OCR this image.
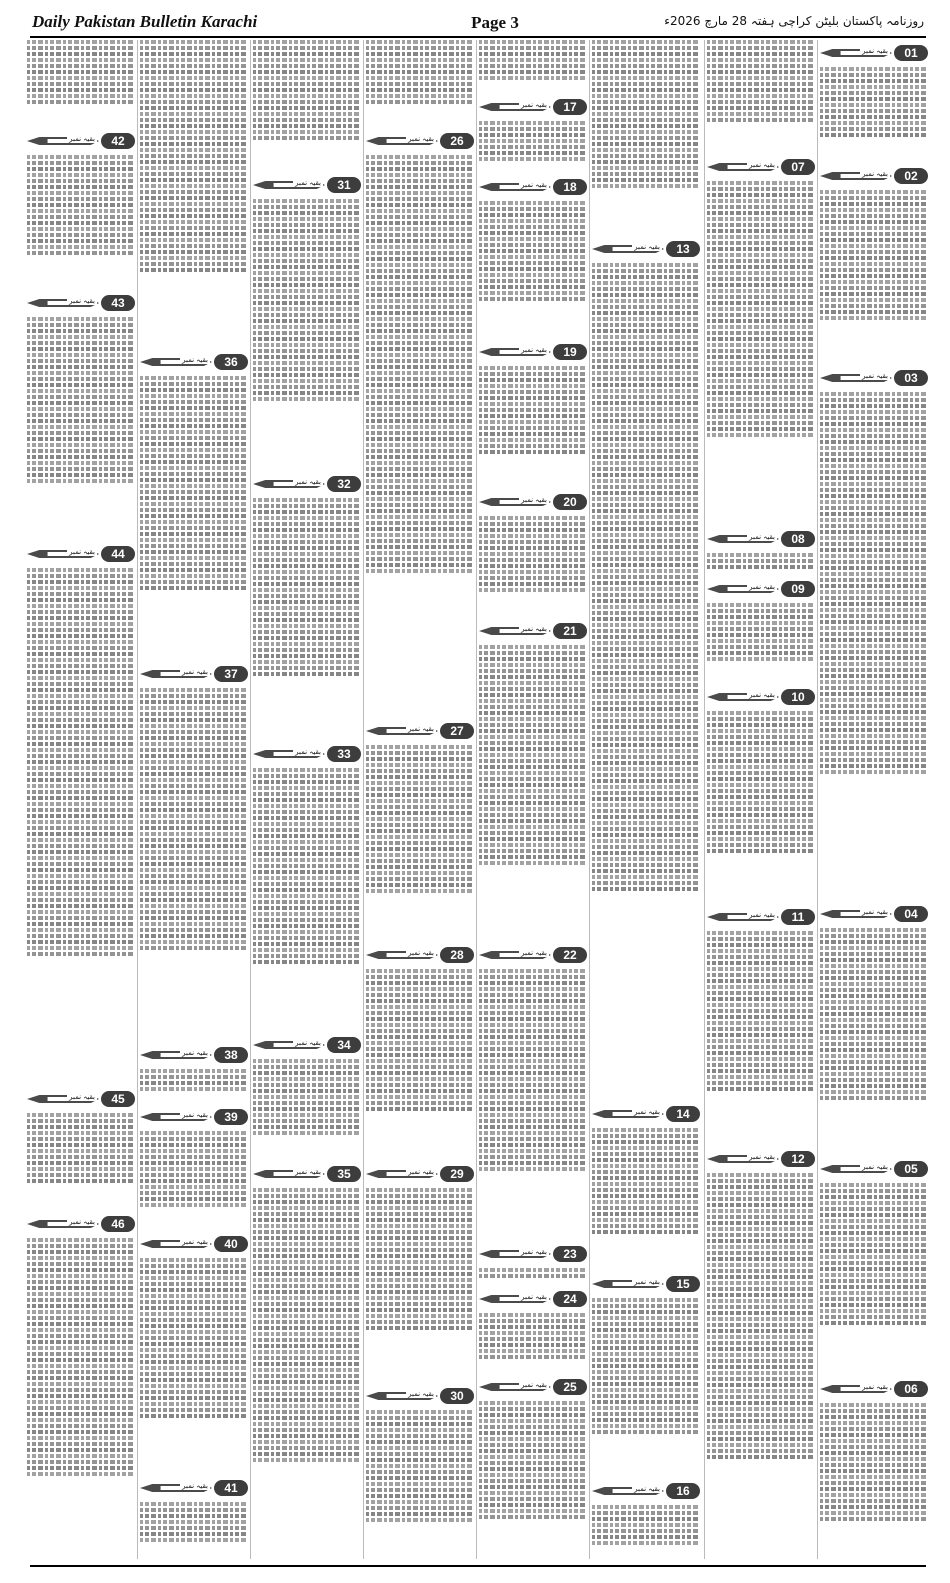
Daily Pakistan Bulletin Karachi	Page 3	روزنامہ پاکستان بلیٹن کراچی ہفتہ 28 مارچ 2026ء
01
بقیہ نمبر
02
بقیہ نمبر
03
بقیہ نمبر
04
بقیہ نمبر
05
بقیہ نمبر
06
بقیہ نمبر
07
بقیہ نمبر
08
بقیہ نمبر
09
بقیہ نمبر
10
بقیہ نمبر
11
بقیہ نمبر
12
بقیہ نمبر
13
بقیہ نمبر
14
بقیہ نمبر
15
بقیہ نمبر
16
بقیہ نمبر
17
بقیہ نمبر
18
بقیہ نمبر
19
بقیہ نمبر
20
بقیہ نمبر
21
بقیہ نمبر
22
بقیہ نمبر
23
بقیہ نمبر
24
بقیہ نمبر
25
بقیہ نمبر
26
بقیہ نمبر
27
بقیہ نمبر
28
بقیہ نمبر
29
بقیہ نمبر
30
بقیہ نمبر
31
بقیہ نمبر
32
بقیہ نمبر
33
بقیہ نمبر
34
بقیہ نمبر
35
بقیہ نمبر
36
بقیہ نمبر
37
بقیہ نمبر
38
بقیہ نمبر
39
بقیہ نمبر
40
بقیہ نمبر
41
بقیہ نمبر
42
بقیہ نمبر
43
بقیہ نمبر
44
بقیہ نمبر
45
بقیہ نمبر
46
بقیہ نمبر
